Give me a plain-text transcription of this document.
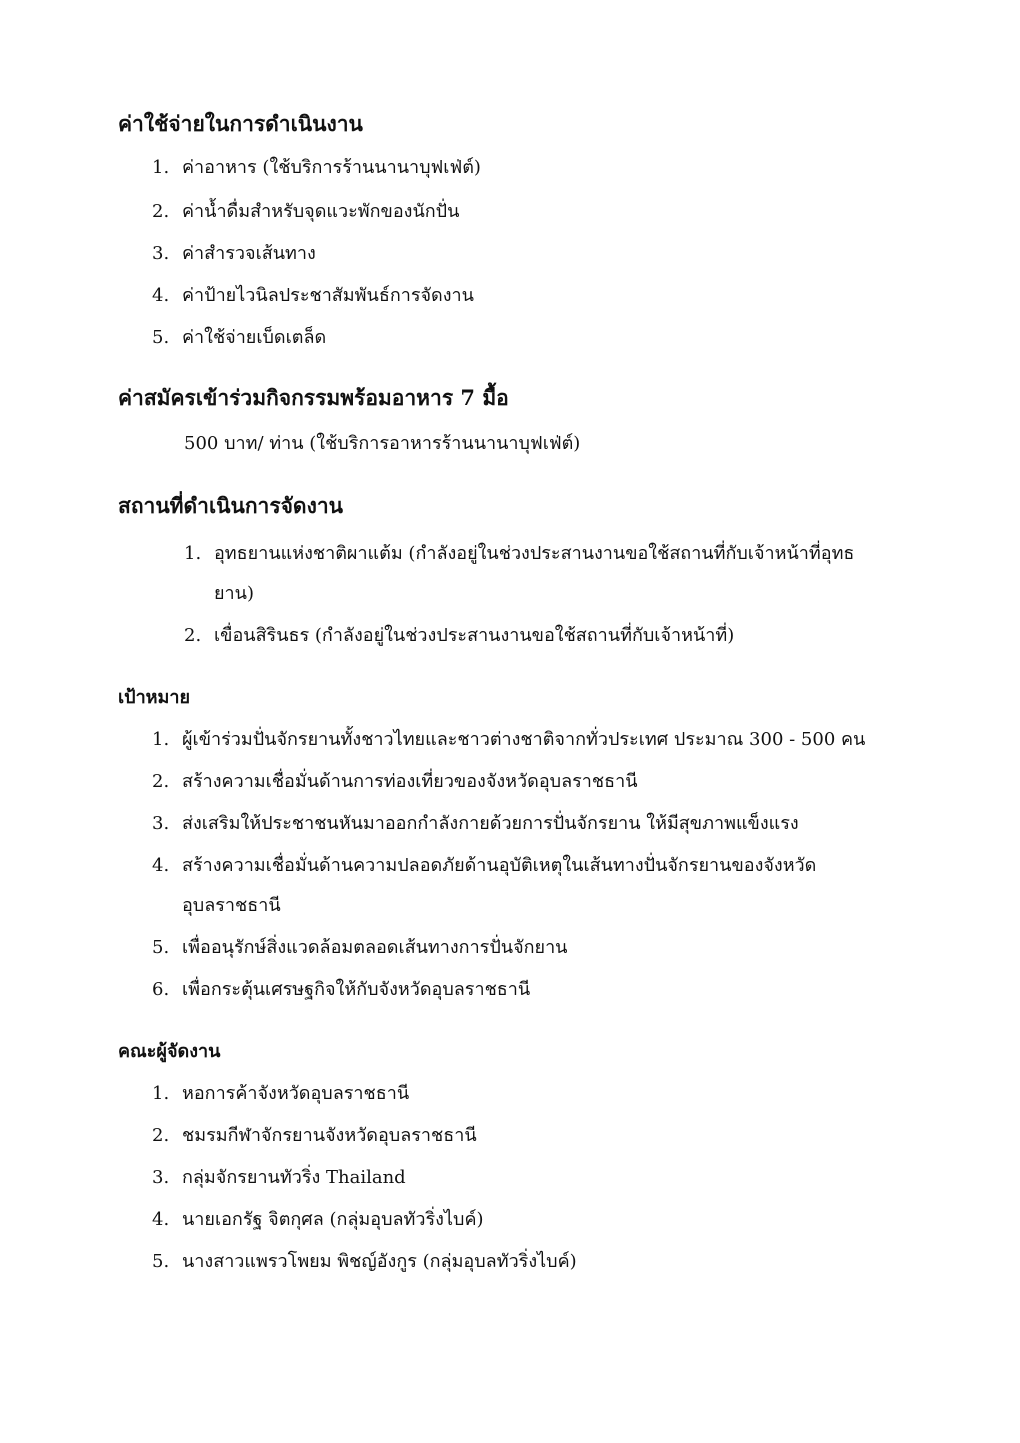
ค่าใช้จ่ายในการดำเนินงาน
1. ค่าอาหาร (ใช้บริการร้านนานาบุฟเฟ่ต์)
2. ค่าน้ำดื่มสำหรับจุดแวะพักของนักปั่น
3. ค่าสำรวจเส้นทาง
4. ค่าป้ายไวนิลประชาสัมพันธ์การจัดงาน
5. ค่าใช้จ่ายเบ็ดเตล็ด
ค่าสมัครเข้าร่วมกิจกรรมพร้อมอาหาร 7 มื้อ
500 บาท/ ท่าน (ใช้บริการอาหารร้านนานาบุฟเฟ่ต์)
สถานที่ดำเนินการจัดงาน
1. อุทธยานแห่งชาติผาแต้ม (กำลังอยู่ในช่วงประสานงานขอใช้สถานที่กับเจ้าหน้าที่อุทธ
ยาน)
2. เขื่อนสิรินธร (กำลังอยู่ในช่วงประสานงานขอใช้สถานที่กับเจ้าหน้าที่)
เป้าหมาย
1. ผู้เข้าร่วมปั่นจักรยานทั้งชาวไทยและชาวต่างชาติจากทั่วประเทศ ประมาณ 300 - 500 คน
2. สร้างความเชื่อมั่นด้านการท่องเที่ยวของจังหวัดอุบลราชธานี
3. ส่งเสริมให้ประชาชนหันมาออกกำลังกายด้วยการปั่นจักรยาน ให้มีสุขภาพแข็งแรง
4. สร้างความเชื่อมั่นด้านความปลอดภัยด้านอุบัติเหตุในเส้นทางปั่นจักรยานของจังหวัด
อุบลราชธานี
5. เพื่ออนุรักษ์สิ่งแวดล้อมตลอดเส้นทางการปั่นจักยาน
6. เพื่อกระตุ้นเศรษฐกิจให้กับจังหวัดอุบลราชธานี
คณะผู้จัดงาน
1. หอการค้าจังหวัดอุบลราชธานี
2. ชมรมกีฬาจักรยานจังหวัดอุบลราชธานี
3. กลุ่มจักรยานทัวริ่ง Thailand
4. นายเอกรัฐ จิตกุศล (กลุ่มอุบลทัวริ่งไบค์)
5. นางสาวแพรวโพยม พิชญ์อังกูร (กลุ่มอุบลทัวริ่งไบค์)
